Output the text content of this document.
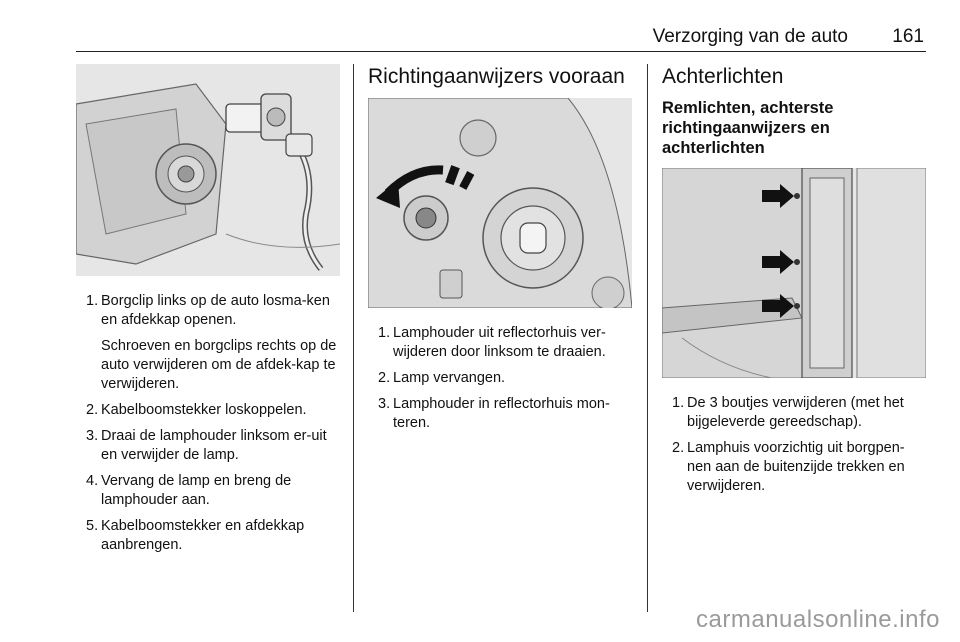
Verzorging van de auto 161
1. Borgclip links op de auto losma-ken en afdekkap openen.

Schroeven en borgclips rechts op de auto verwijderen om de afdek-kap te verwijderen.

2. Kabelboomstekker loskoppelen.
3. Draai de lamphouder linksom er-uit en verwijder de lamp.
4. Vervang de lamp en breng de lamphouder aan.
5. Kabelboomstekker en afdekkap aanbrengen.
Richtingaanwijzers vooraan
1. Lamphouder uit reflectorhuis ver-wijderen door linksom te draaien.
2. Lamp vervangen.
3. Lamphouder in reflectorhuis mon-teren.
Achterlichten
Remlichten, achterste richtingaanwijzers en achterlichten
1. De 3 boutjes verwijderen (met het bijgeleverde gereedschap).
2. Lamphuis voorzichtig uit borgpen-nen aan de buitenzijde trekken en verwijderen.
carmanualsonline.info
